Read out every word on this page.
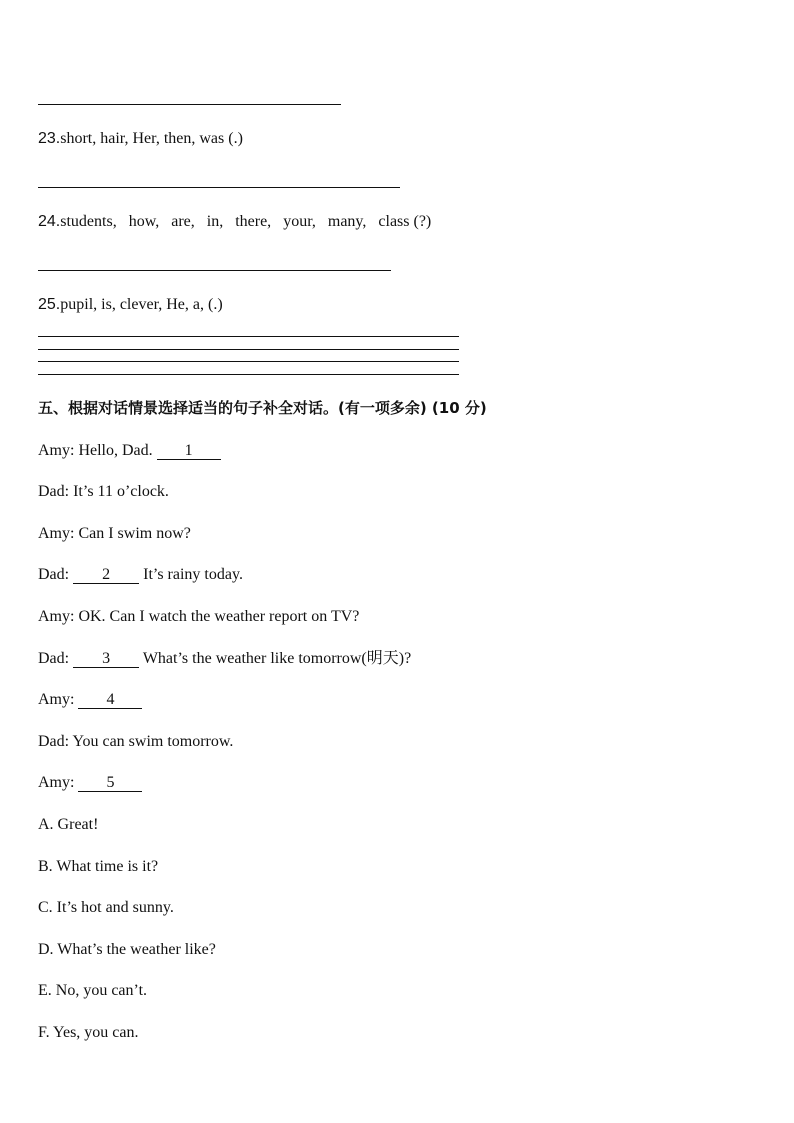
23.short, hair, Her, then, was (.)
24.students, how, are, in, there, your, many, class (?)
25.pupil, is, clever, He, a, (.)
五、根据对话情景选择适当的句子补全对话。(有一项多余) (10 分)
Amy: Hello, Dad. 1
Dad: It’s 11 o’clock.
Amy: Can I swim now?
Dad: 2 It’s rainy today.
Amy: OK. Can I watch the weather report on TV?
Dad: 3 What’s the weather like tomorrow(明天)?
Amy: 4
Dad: You can swim tomorrow.
Amy: 5
A. Great!
B. What time is it?
C. It’s hot and sunny.
D. What’s the weather like?
E. No, you can’t.
F. Yes, you can.
